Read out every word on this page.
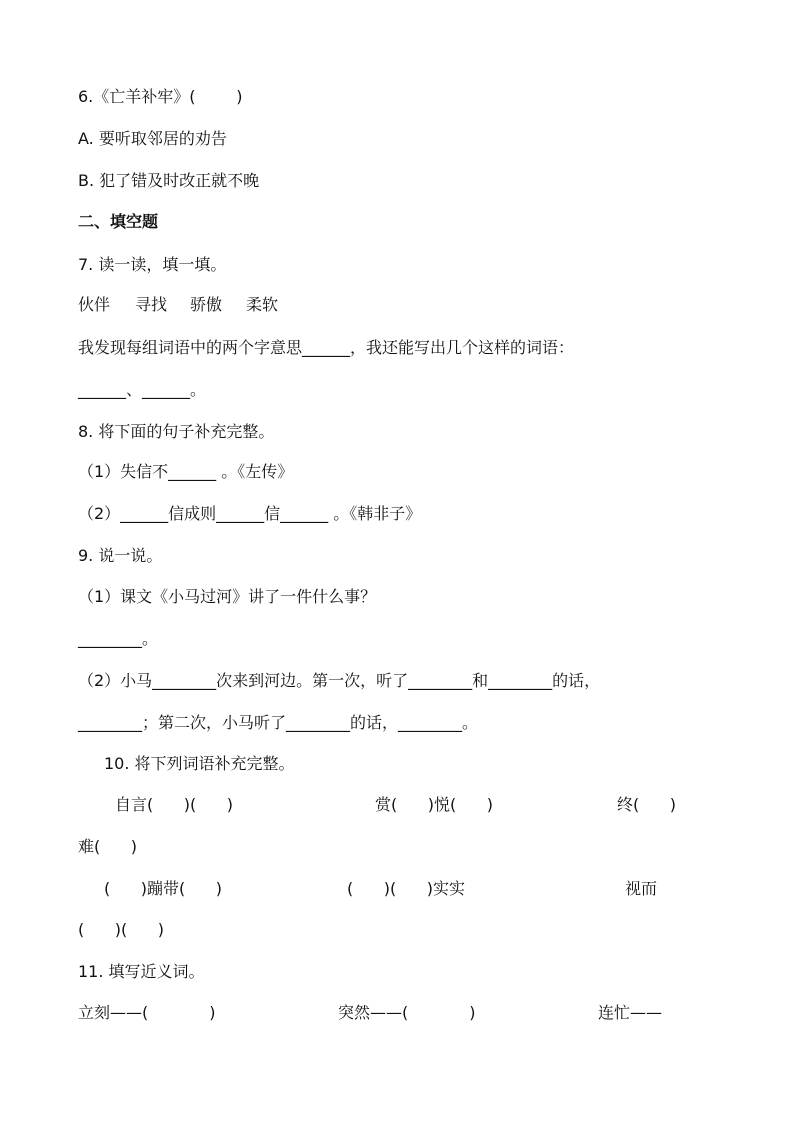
6.《亡羊补牢》(        )
A. 要听取邻居的劝告
B. 犯了错及时改正就不晚
二、填空题
7. 读一读，填一填。
伙伴 寻找 骄傲 柔软
我发现每组词语中的两个字意思______，我还能写出几个这样的词语：
______、______。
8. 将下面的句子补充完整。
（1）失信不______ 。《左传》
（2）______信成则______信______ 。《韩非子》
9. 说一说。
（1）课文《小马过河》讲了一件什么事？
________。
（2）小马________次来到河边。第一次，听了________和________的话，
________；第二次，小马听了________的话，________。
10. 将下列词语补充完整。
自言(      )(      )	赏(      )悦(      )	终(      )
难(      )
(      )蹦带(      )	(      )(      )实实	视而
(      )(      )
11. 填写近义词。
立刻——(            )	突然——(            )	连忙——
